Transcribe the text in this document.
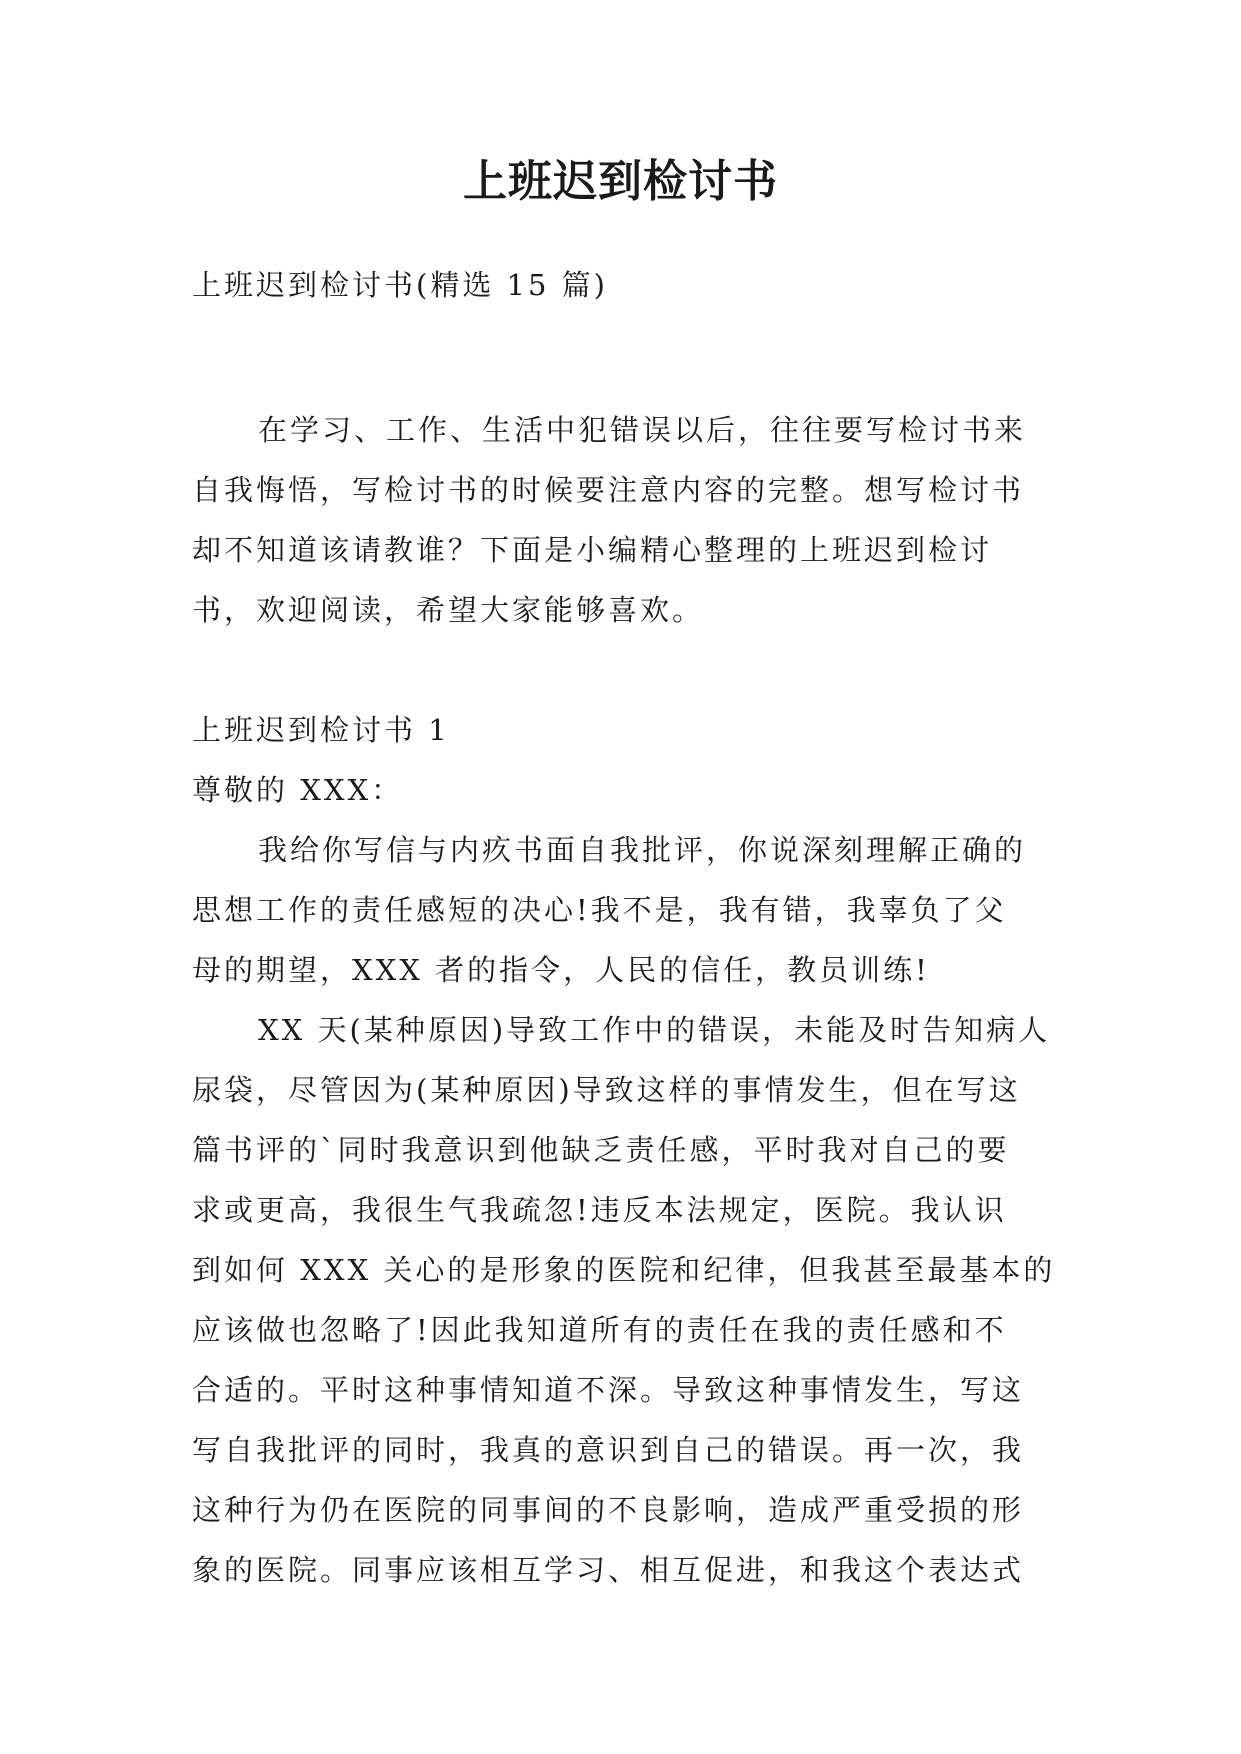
上班迟到检讨书
上班迟到检讨书(精选 15 篇)
在学习、工作、生活中犯错误以后，往往要写检讨书来
自我悔悟，写检讨书的时候要注意内容的完整。想写检讨书
却不知道该请教谁？下面是小编精心整理的上班迟到检讨
书，欢迎阅读，希望大家能够喜欢。
上班迟到检讨书 1
尊敬的 XXX：
我给你写信与内疚书面自我批评，你说深刻理解正确的
思想工作的责任感短的决心!我不是，我有错，我辜负了父
母的期望，XXX 者的指令，人民的信任，教员训练!
XX 天(某种原因)导致工作中的错误，未能及时告知病人
尿袋，尽管因为(某种原因)导致这样的事情发生，但在写这
篇书评的`同时我意识到他缺乏责任感，平时我对自己的要
求或更高，我很生气我疏忽!违反本法规定，医院。我认识
到如何 XXX 关心的是形象的医院和纪律，但我甚至最基本的
应该做也忽略了!因此我知道所有的责任在我的责任感和不
合适的。平时这种事情知道不深。导致这种事情发生，写这
写自我批评的同时，我真的意识到自己的错误。再一次，我
这种行为仍在医院的同事间的不良影响，造成严重受损的形
象的医院。同事应该相互学习、相互促进，和我这个表达式
